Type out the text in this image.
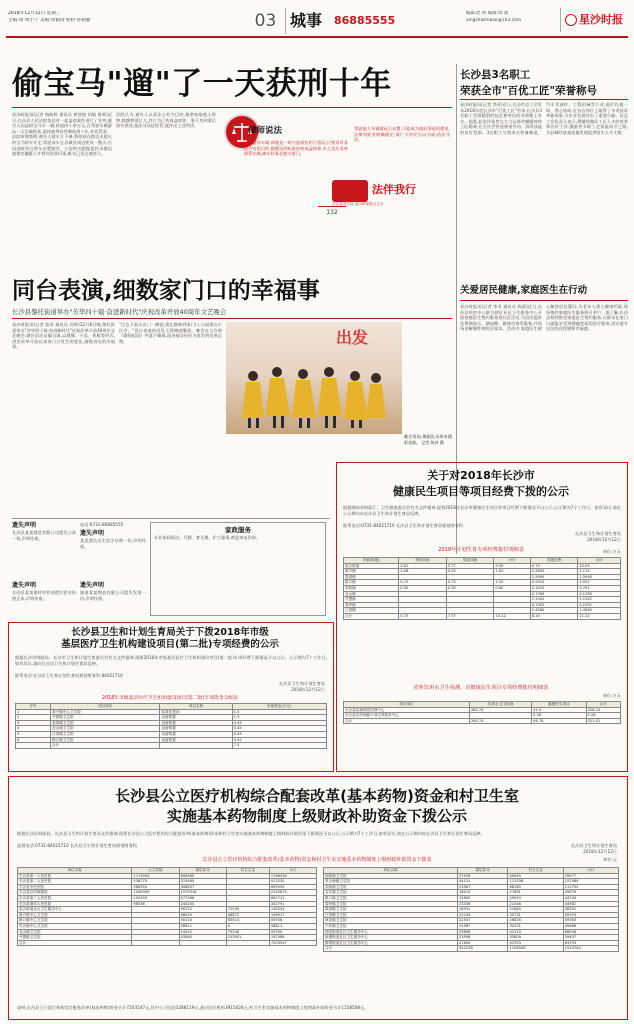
2018年12月12日 星期三
主编:黄 周小宁 美编:黄鹤雨 校检:孙新丽	03 城事 86885555
编辑:赵 校 编辑:周 建
xingshashibao@163.com	星沙时报
偷宝马"遛"了一天获刑十年
星沙时报讯(记者 杨曲辉 通讯员 黄凯悦 胡婧 鲁辉)近日,长沙县人民法院依法对一起盗窃案件进行了宣判,被告人因盗窃宝马车一辆,价值四十余万元,在驾驶车辆游玩一天后被抓获,最终被判处有期徒刑十年,并处罚金。
法院审理查明,被告人趁车主不备,将停放在路边未熄火的宝马轿车开走,驾驶该车在县城及周边兜风一整天,后因油耗殆尽将车弃置路旁。公安机关根据监控录像迅速锁定嫌疑人并将其抓获归案,赃车已发还被害人。
法院认为,被告人以非法占有为目的,秘密窃取他人财物,数额特别巨大,其行为已构成盗窃罪。鉴于其到案后如实供述,依法可从轻处罚,遂作出上述判决。
律师说法
盗窃机动车辆,即使是一时兴起或仅用于游玩,只要具有非法占有的目的,数额达到标准即构成盗窃罪,车主也应妥善保管车辆,离车时务必熄火锁门。
驾驶他人车辆游玩后弃置,不能成为减轻罪责的理由,法律对此有明确规定,请广大市民引以为戒,依法守法。
132
法伴我行
长沙县司法局 星沙时报联合主办
长沙县3名职工
荣获全市"百优工匠"荣誉称号
星沙时报讯(记者 李亚)近日,长沙市总工会发布2018年度长沙市"百优工匠"名单,长沙县3名职工凭借精湛的技艺和突出的业绩榜上有名。据悉,此次评选旨在大力弘扬劳模精神和工匠精神,在全社会营造尊重劳动、崇尚技能的良好氛围。3名职工分别来自装备制造、汽车零部件、工程机械等行业,他们扎根一线、潜心钻研,在各自岗位上取得了多项技术革新成果,为企业发展作出了重要贡献。县总工会负责人表示,将继续做好工匠人才的培养和宣传工作,激励更多职工走技能成才之路,为县域经济高质量发展提供坚实人才支撑。
同台表演,细数家门口的幸福事
长沙县黎托街道举办"芳华四十载·奋进新时代"庆祝改革开放40周年文艺晚会
星沙时报讯(记者 陈诗 通讯员 苏婷)12月8日晚,黎托街道举办"芳华四十载·奋进新时代"庆祝改革开放40周年文艺晚会,辖区居民自编自演,以歌舞、小品、快板等形式,讲述改革开放以来家门口发生的变化,细数身边的幸福事。
"过去下雨天出门一脚泥,现在路修到家门口,公园建在小区旁。"登台表演的居民王阿姨感慨道。晚会在大合唱《歌唱祖国》中落下帷幕,现场观众纷纷为家乡的发展点赞。	出发
晚会现场,舞蹈队员带来精彩表演。 记者 陈诗 摄
关爱居民健康,家庭医生在行动
星沙时报讯(记者 李亚 通讯员 陈晨)近日,长沙县疾控中心联合辖区社区卫生服务中心开展家庭医生签约服务进社区活动,为居民提供免费测血压、测血糖、健康咨询等服务,并现场讲解慢性病防治知识。活动中,家庭医生耐心解答居民疑问,为老年人建立健康档案,现场签约家庭医生服务两百余户。据了解,长沙县持续推进家庭医生签约服务,让群众在家门口就能享受到便捷优质的医疗服务,切实提升居民的获得感和幸福感。
遗失声明
长沙县某某商贸有限公司遗失公章一枚,声明作废。
遗失声明
长沙县某某建材经营部遗失营业执照正本,声明作废。
电话:0731-86885555
遗失声明
某某遗失出生医学证明一份,声明作废。
遗失声明
湖南某某物流有限公司遗失发票一份,声明作废。
家政服务
专业家政保洁、月嫂、育儿嫂、护工服务,欢迎来电咨询。
长沙县卫生和计划生育局关于下拨2018年市级
基层医疗卫生机构建设项目(第二批)专项经费的公示
根据长沙市财政局、长沙市卫生和计划生育委员会有关文件精神,现将2018年市级基层医疗卫生机构建设项目(第二批)专项经费下拨情况予以公示。公示期为7个工作日,如有异议,请向长沙县卫生和计划生育局反映。
联系电话:长沙县卫生和计划生育局规划财务科 84021710
长沙县卫生和计划生育局
2018年12月12日
2018年市级基层医疗卫生机构建设项目(第二批)专项资金分配表
序号	项目单位	项目名称	补助资金(万元)
1	黄兴镇中心卫生院	标准化建设	1.5
2	开慧镇卫生院	设备购置	1.5
3	果园镇卫生院	设备购置	0.45
4	北山镇卫生院	设备购置	0.45
5	江背镇卫生院	设备购置	0.45
6	路口镇卫生院	设备购置	0.45
	合计		7.5
关于对2018年长沙市
健康民生项目等项目经费下拨的公示
根据湖南省财政厅、卫生健康委员会有关文件精神,现将2018年长沙市健康民生项目等项目经费下拨情况予以公示,公示期为7个工作日。如有异议,请在公示期内向长沙县卫生和计划生育局反映。
联系电话:0731-84021710 长沙县卫生和计划生育局规划财务科
长沙县卫生和计划生育局
2018年12月12日
2018年计划生育专项经费拨付明细表	单位:万元
乡镇(街道)	特别扶助	奖励扶助	小计	其他经费	合计
星沙街道	3.62	5.77	9.39	0.70	10.09
黄兴镇	1.08	0.55	1.63	2.4850	4.115
果园镇				1.5990	1.5990
路口镇	0.75	0.75	1.50	0.5510	2.051
高桥镇	0.30	0.30	0.60	0.1410	0.741
北山镇				0.1789	0.1789
开慧镇				1.1342	1.1342
春华镇				0.1392	0.1392
江背镇				1.4560	1.4560
合计	5.75	7.37	13.12	8.10	21.22
省补饮用水卫生检测、市健康民生项目专项经费拨付明细表
单位:万元
项目单位	饮用水卫生检测	健康民生项目	合计
长沙县疾病预防控制中心	284.74	41.5	326.24
长沙县妇幼保健计划生育服务中心		5.28	5.28
合计	284.74	46.78	331.52
长沙县公立医疗机构综合配套改革(基本药物)资金和村卫生室
实施基本药物制度上级财政补助资金下拨公示
根据长沙县财政局、长沙县卫生和计划生育局文件精神,现将长沙县公立医疗机构综合配套改革(基本药物)资金和村卫生室实施基本药物制度上级财政补助资金下拨情况予以公示,公示期为7个工作日,如有异议,请在公示期内向长沙县卫生和计划生育局反映。
监督电话:0731-84021710 长沙县卫生和计划生育局规划财务科	长沙县卫生和计划生育局
2018年12月12日
长沙县公立医疗机构综合配套改革(基本药物)资金和村卫生室实施基本药物制度上级财政补助资金下拨表	单位:元
单位名称	公立医院	基层医疗	村卫生室	小计
长沙县第一人民医院	1113954	656480		1768434
长沙县第二人民医院	538770	374460		913230
长沙县中医医院	386355	306637		692992
长沙县妇幼保健院	1046359	1079316		2125675
长沙县第三人民医院	104145	577566		681711
长沙县第四人民医院	98536	244255		342791
星沙街道社区卫生服务中心		58722	71530	130252
黄兴镇中心卫生院		58045	48872	106917
路口镇中心卫生院		30124	63414	93538
安沙镇中心卫生院		58811	0	58811
北山镇卫生院		14542	79248	93790
开慧镇卫生院		43585	153501	197086
合计				7203547
单位名称	基层医疗	村卫生室	小计
福临镇卫生院	27928	49049	76977
青山铺镇卫生院	44151	113338	157489
高桥镇卫生院	23567	88185	111752
金井镇卫生院	18015	27661	45676
路口镇卫生院	15650	29094	44744
春华镇卫生院	23436	21546	44982
果园镇卫生院	16531	21860	38391
江背镇卫生院	20243	30731	50974
黄花镇卫生院	22537	26826	49363
干杉镇卫生院	15587	34101	49688
湘龙街道社区卫生服务中心	23898	42110	66008
泉塘街道社区卫生服务中心	23598	35809	59407
榔梨街道社区卫生服务中心	21640	41553	63193
合计	352236	1158508	1510744
说明:长沙县公立医疗机构综合配套改革(基本药物)资金合计7203547元,其中公立医院3288119元,基层医疗机构3915428元;村卫生室实施基本药物制度上级财政补助资金合计1158508元。
